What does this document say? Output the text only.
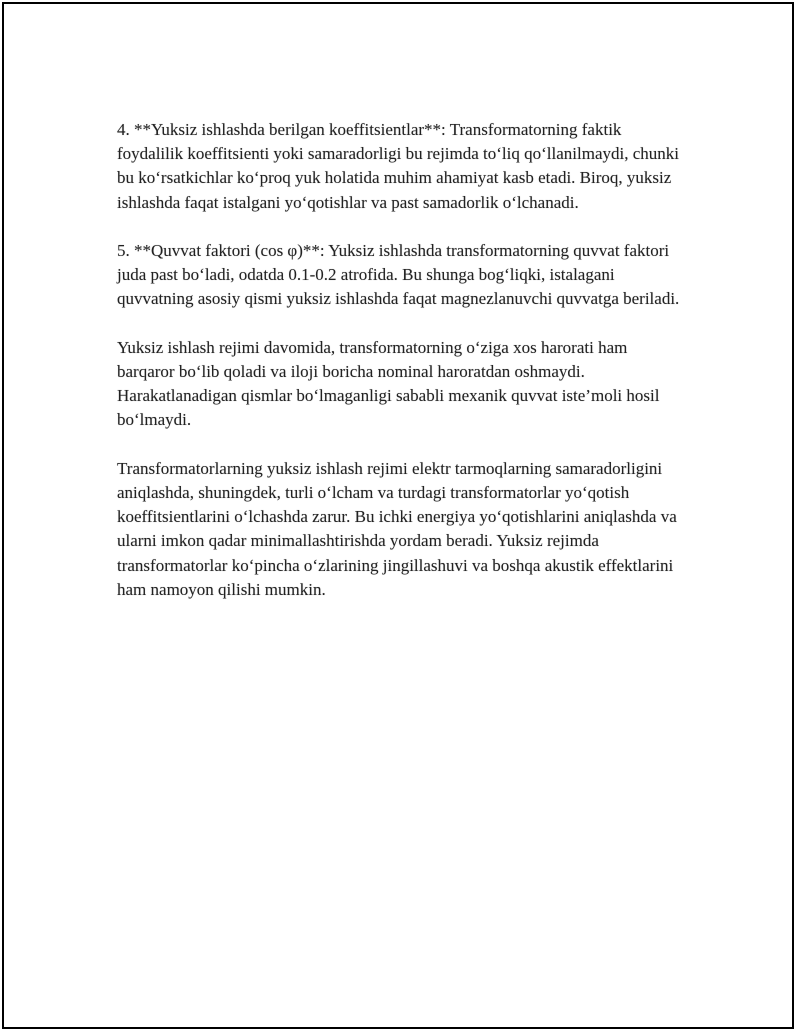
4. **Yuksiz ishlashda berilgan koeffitsientlar**: Transformatorning faktik foydalilik koeffitsienti yoki samaradorligi bu rejimda to‘liq qo‘llanilmaydi, chunki bu ko‘rsatkichlar ko‘proq yuk holatida muhim ahamiyat kasb etadi. Biroq, yuksiz ishlashda faqat istalgani yo‘qotishlar va past samadorlik o‘lchanadi.

5. **Quvvat faktori (cos φ)**: Yuksiz ishlashda transformatorning quvvat faktori juda past bo‘ladi, odatda 0.1-0.2 atrofida. Bu shunga bog‘liqki, istalagani quvvatning asosiy qismi yuksiz ishlashda faqat magnezlanuvchi quvvatga beriladi.

Yuksiz ishlash rejimi davomida, transformatorning o‘ziga xos harorati ham barqaror bo‘lib qoladi va iloji boricha nominal haroratdan oshmaydi. Harakatlanadigan qismlar bo‘lmaganligi sababli mexanik quvvat iste’moli hosil bo‘lmaydi.

Transformatorlarning yuksiz ishlash rejimi elektr tarmoqlarning samaradorligini aniqlashda, shuningdek, turli o‘lcham va turdagi transformatorlar yo‘qotish koeffitsientlarini o‘lchashda zarur. Bu ichki energiya yo‘qotishlarini aniqlashda va ularni imkon qadar minimallashtirishda yordam beradi. Yuksiz rejimda transformatorlar ko‘pincha o‘zlarining jingillashuvi va boshqa akustik effektlarini ham namoyon qilishi mumkin.
